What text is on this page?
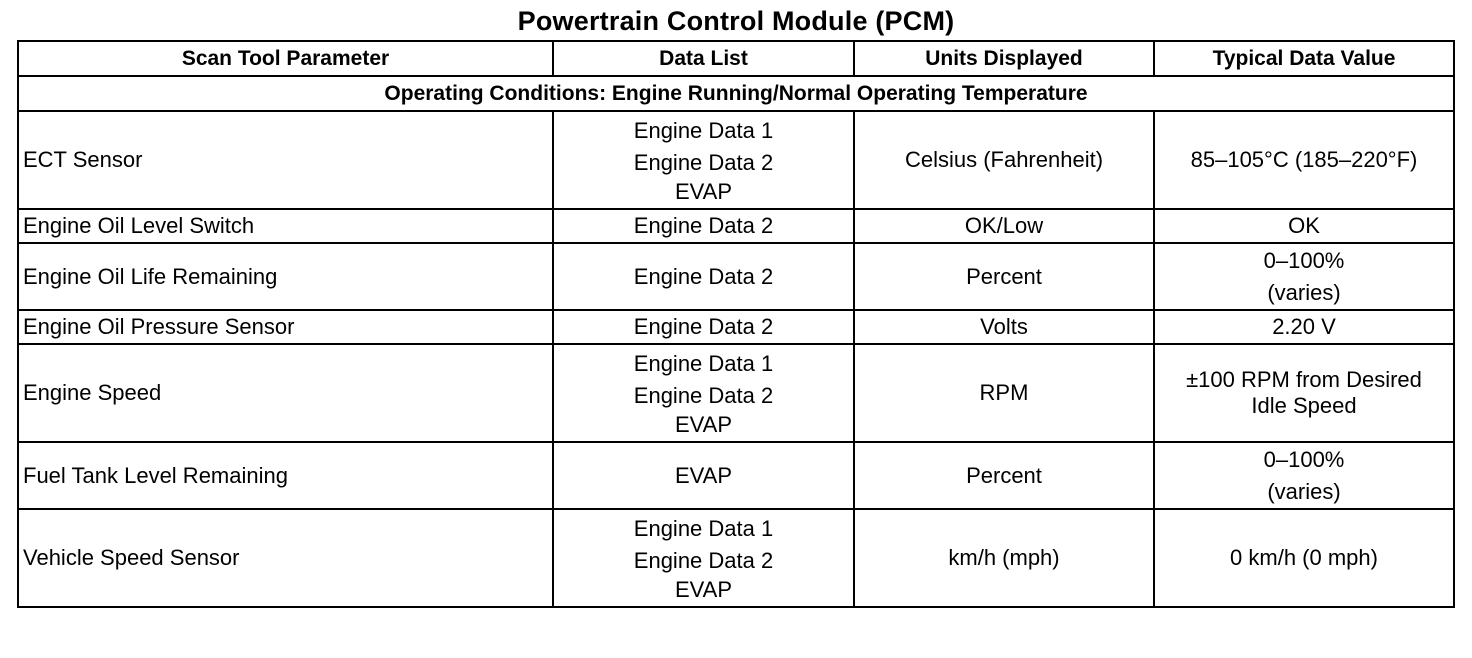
Powertrain Control Module (PCM)
Scan Tool Parameter	Data List	Units Displayed	Typical Data Value
Operating Conditions: Engine Running/Normal Operating Temperature			
ECT Sensor	Engine Data 1
Engine Data 2
EVAP	Celsius (Fahrenheit)	85–105°C (185–220°F)

Engine Oil Level Switch	Engine Data 2	OK/Low	OK

Engine Oil Life Remaining	Engine Data 2	Percent	0–100%
(varies)

Engine Oil Pressure Sensor	Engine Data 2	Volts	2.20 V

Engine Speed	Engine Data 1
Engine Data 2
EVAP	RPM	±100 RPM from Desired
Idle Speed

Fuel Tank Level Remaining	EVAP	Percent	0–100%
(varies)

Vehicle Speed Sensor	Engine Data 1
Engine Data 2
EVAP	km/h (mph)	0 km/h (0 mph)
